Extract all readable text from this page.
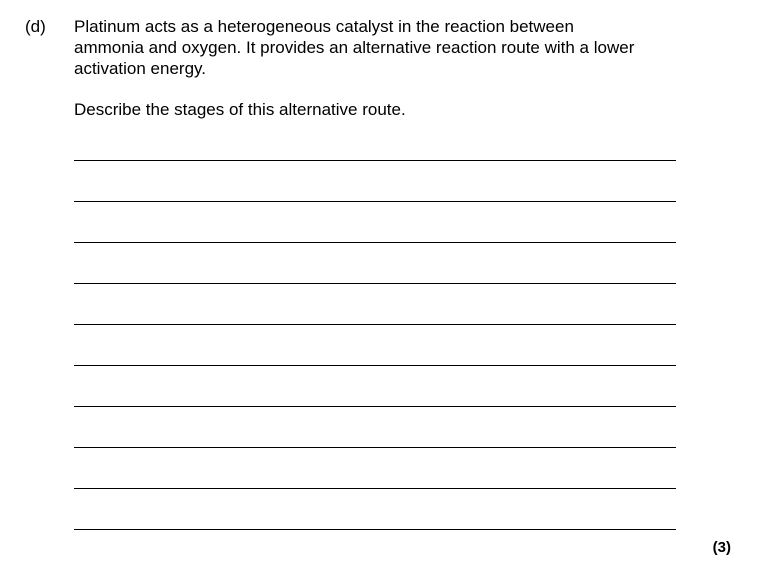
(d) Platinum acts as a heterogeneous catalyst in the reaction between
ammonia and oxygen. It provides an alternative reaction route with a lower
activation energy.
Describe the stages of this alternative route.
(3)
